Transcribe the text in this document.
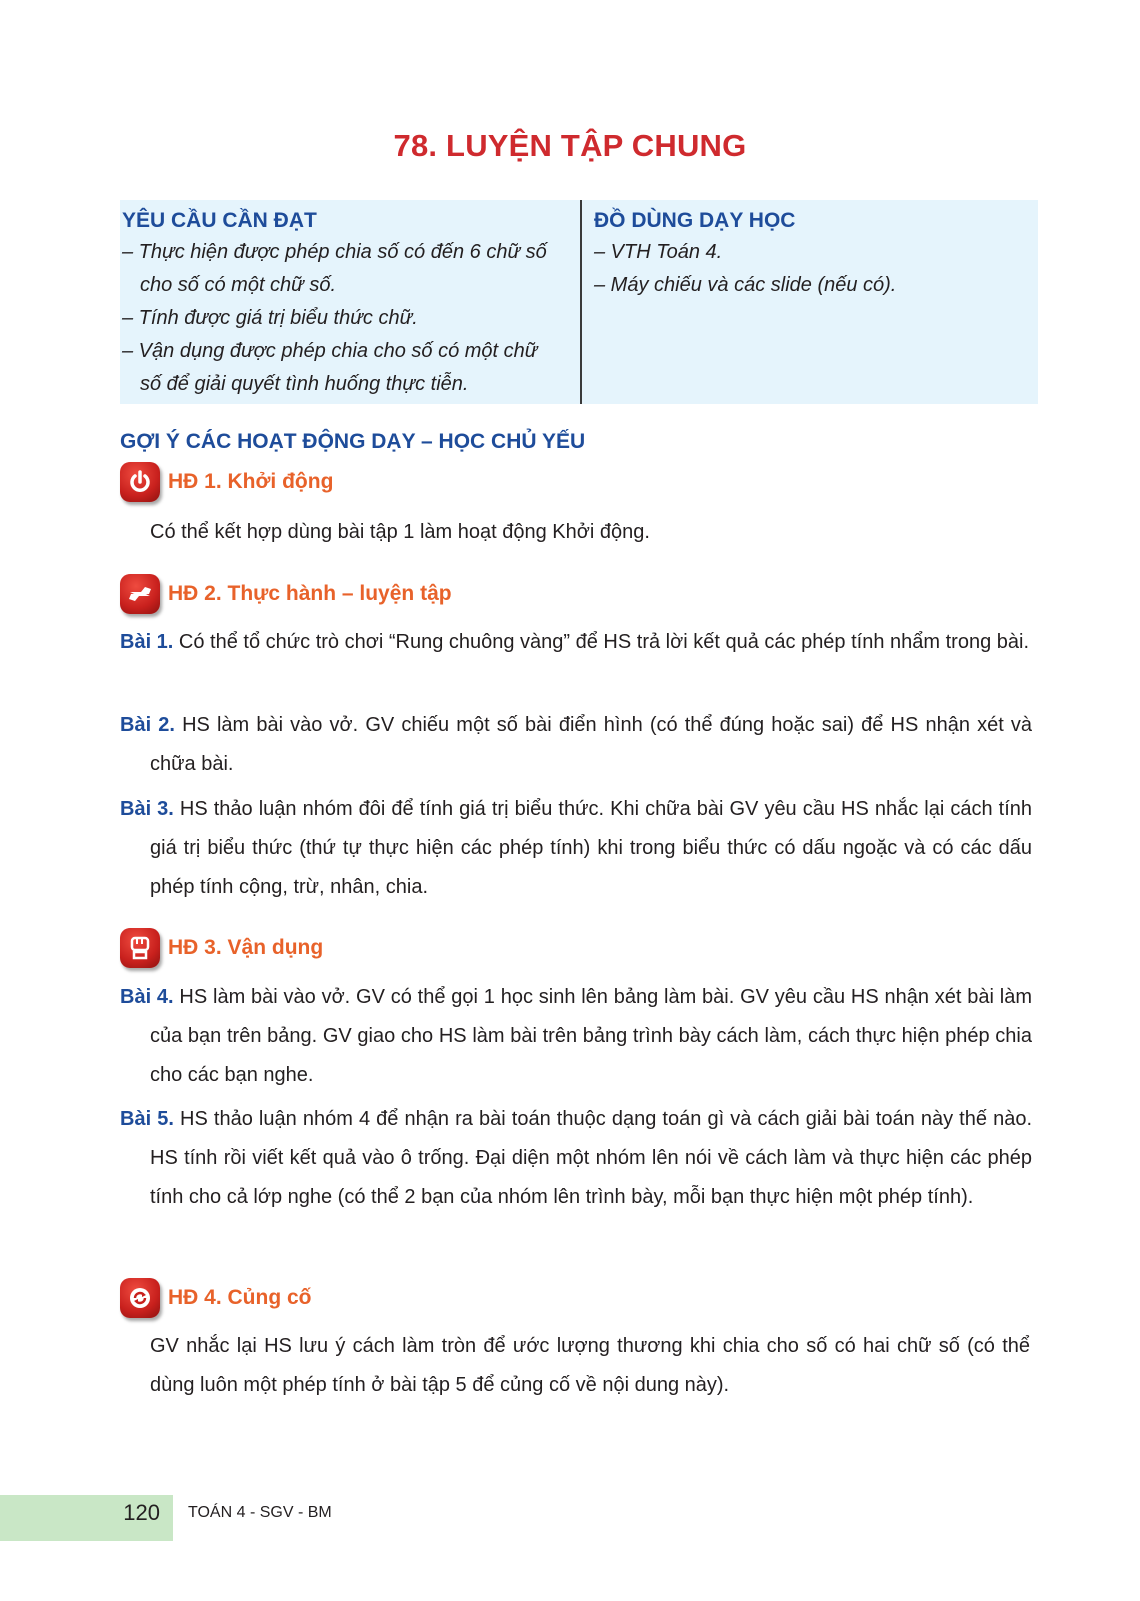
78. LUYỆN TẬP CHUNG
YÊU CẦU CẦN ĐẠT
– Thực hiện được phép chia số có đến 6 chữ số cho số có một chữ số.
– Tính được giá trị biểu thức chữ.
– Vận dụng được phép chia cho số có một chữ số để giải quyết tình huống thực tiễn.
ĐỒ DÙNG DẠY HỌC
– VTH Toán 4.
– Máy chiếu và các slide (nếu có).
GỢI Ý CÁC HOẠT ĐỘNG DẠY – HỌC CHỦ YẾU
HĐ 1. Khởi động
Có thể kết hợp dùng bài tập 1 làm hoạt động Khởi động.
HĐ 2. Thực hành – luyện tập
Bài 1. Có thể tổ chức trò chơi “Rung chuông vàng” để HS trả lời kết quả các phép tính nhẩm trong bài.
Bài 2. HS làm bài vào vở. GV chiếu một số bài điển hình (có thể đúng hoặc sai) để HS nhận xét và chữa bài.
Bài 3. HS thảo luận nhóm đôi để tính giá trị biểu thức. Khi chữa bài GV yêu cầu HS nhắc lại cách tính giá trị biểu thức (thứ tự thực hiện các phép tính) khi trong biểu thức có dấu ngoặc và có các dấu phép tính cộng, trừ, nhân, chia.
HĐ 3. Vận dụng
Bài 4. HS làm bài vào vở. GV có thể gọi 1 học sinh lên bảng làm bài. GV yêu cầu HS nhận xét bài làm của bạn trên bảng. GV giao cho HS làm bài trên bảng trình bày cách làm, cách thực hiện phép chia cho các bạn nghe.
Bài 5. HS thảo luận nhóm 4 để nhận ra bài toán thuộc dạng toán gì và cách giải bài toán này thế nào. HS tính rồi viết kết quả vào ô trống. Đại diện một nhóm lên nói về cách làm và thực hiện các phép tính cho cả lớp nghe (có thể 2 bạn của nhóm lên trình bày, mỗi bạn thực hiện một phép tính).
HĐ 4. Củng cố
GV nhắc lại HS lưu ý cách làm tròn để ước lượng thương khi chia cho số có hai chữ số (có thể dùng luôn một phép tính ở bài tập 5 để củng cố về nội dung này).
120 TOÁN 4 - SGV - BM
